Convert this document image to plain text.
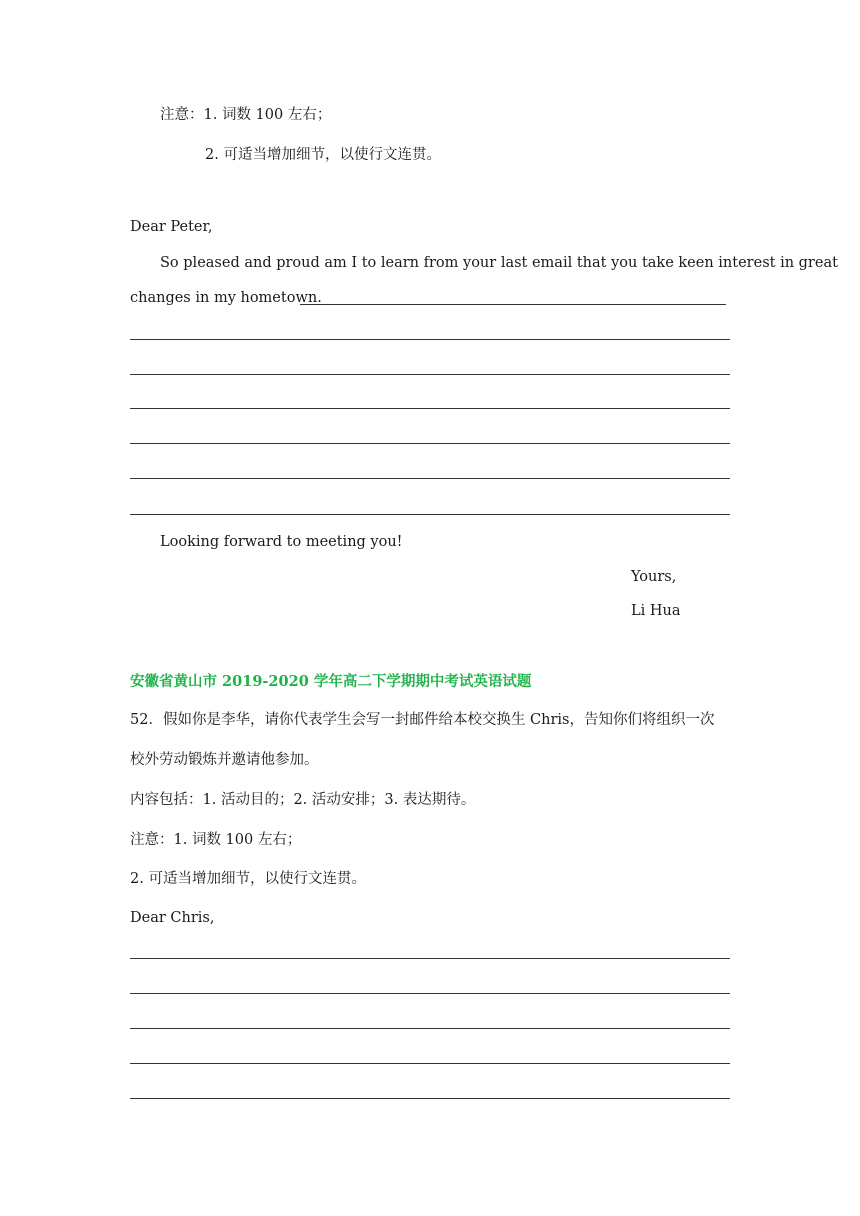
注意：1. 词数 100 左右；
2. 可适当增加细节，以使行文连贯。
Dear Peter,
So pleased and proud am I to learn from your last email that you take keen interest in great
changes in my hometown.
Looking forward to meeting you!
Yours,
Li Hua
安徽省黄山市 2019-2020 学年高二下学期期中考试英语试题
52．假如你是李华，请你代表学生会写一封邮件给本校交换生 Chris，告知你们将组织一次
校外劳动锻炼并邀请他参加。
内容包括：1. 活动目的；2. 活动安排；3. 表达期待。
注意：1. 词数 100 左右；
2. 可适当增加细节，以使行文连贯。
Dear Chris,
